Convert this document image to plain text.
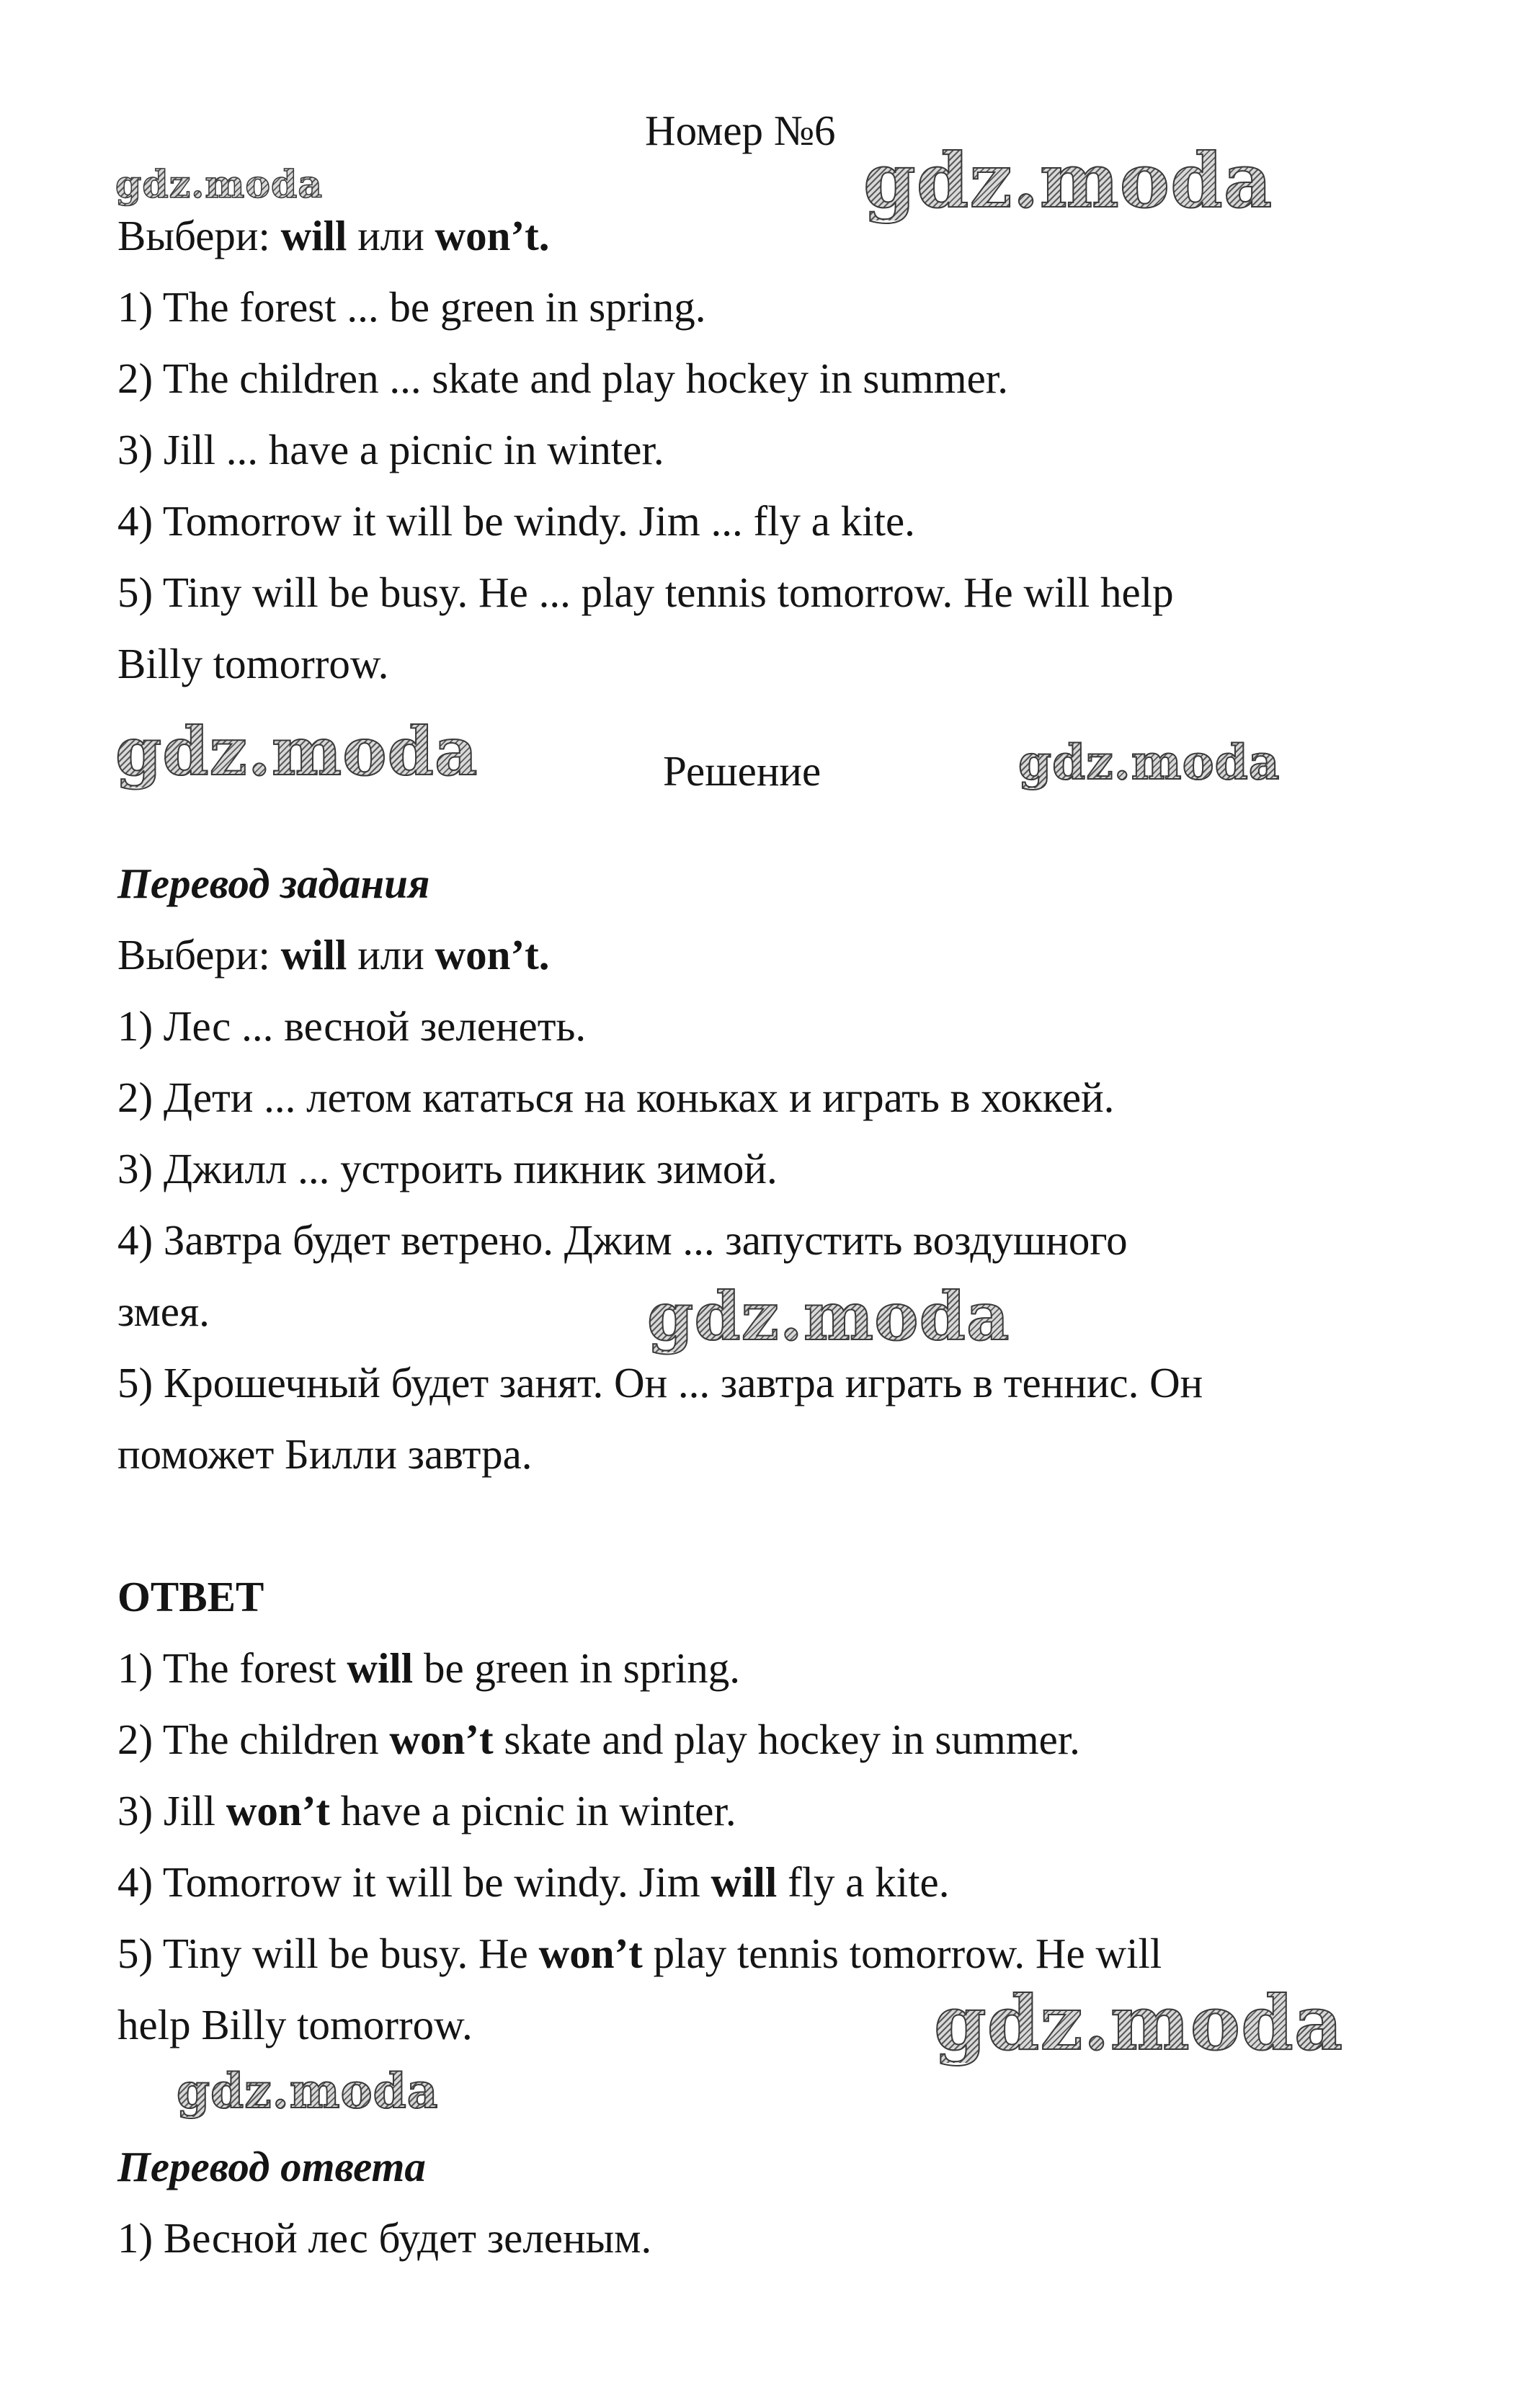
Номер №6
gdz.moda	gdz.moda
gdz.moda	gdz.moda
gdz.moda
gdz.moda
gdz.moda
Выбери: will или won’t.
1) The forest ... be green in spring.
2) The children ... skate and play hockey in summer.
3) Jill ... have a picnic in winter.
4) Tomorrow it will be windy. Jim ... fly a kite.
5) Tiny will be busy. He ... play tennis tomorrow. He will help
Billy tomorrow.
Решение
Перевод задания
Выбери: will или won’t.
1) Лес ... весной зеленеть.
2) Дети ... летом кататься на коньках и играть в хоккей.
3) Джилл ... устроить пикник зимой.
4) Завтра будет ветрено. Джим ... запустить воздушного
змея.
5) Крошечный будет занят. Он ... завтра играть в теннис. Он
поможет Билли завтра.
ОТВЕТ
1) The forest will be green in spring.
2) The children won’t skate and play hockey in summer.
3) Jill won’t have a picnic in winter.
4) Tomorrow it will be windy. Jim will fly a kite.
5) Tiny will be busy. He won’t play tennis tomorrow. He will
help Billy tomorrow.
Перевод ответа
1) Весной лес будет зеленым.
